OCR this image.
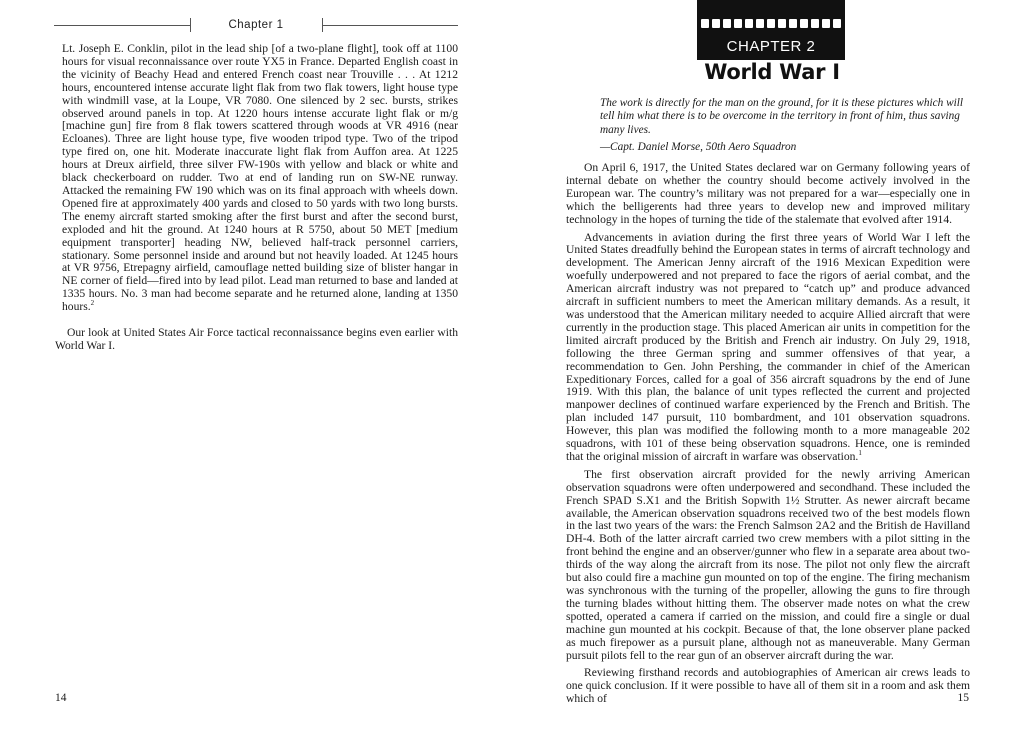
Chapter 1

Lt. Joseph E. Conklin, pilot in the lead ship [of a two-plane flight], took off at 1100 hours for visual reconnaissance over route YX5 in France. Departed English coast in the vicinity of Beachy Head and entered French coast near Trouville . . . At 1212 hours, encountered intense accurate light flak from two flak towers, light house type with windmill vase, at la Loupe, VR 7080. One silenced by 2 sec. bursts, strikes observed around panels in top. At 1220 hours intense accurate light flak or m/g [machine gun] fire from 8 flak towers scattered through woods at VR 4916 (near Ecloanes). Three are light house type, five wooden tripod type. Two of the tripod type fired on, one hit. Moderate inaccurate light flak from Auffon area. At 1225 hours at Dreux airfield, three silver FW-190s with yellow and black or white and black checkerboard on rudder. Two at end of landing run on SW-NE runway. Attacked the remaining FW 190 which was on its final approach with wheels down. Opened fire at approximately 400 yards and closed to 50 yards with two long bursts. The enemy aircraft started smoking after the first burst and after the second burst, exploded and hit the ground. At 1240 hours at R 5750, about 50 MET [medium equipment transporter] heading NW, believed half-track personnel carriers, stationary. Some personnel inside and around but not heavily loaded. At 1245 hours at VR 9756, Etrepagny airfield, camouflage netted building size of blister hangar in NE corner of field—fired into by lead pilot. Lead man returned to base and landed at 1335 hours. No. 3 man had become separate and he returned alone, landing at 1350 hours.$^2$

Our look at United States Air Force tactical reconnaissance begins even earlier with World War I.

14
CHAPTER 2
World War I

The work is directly for the man on the ground, for it is these pictures which will tell him what there is to be overcome in the territory in front of him, thus saving many lives.

—Capt. Daniel Morse, 50th Aero Squadron

On April 6, 1917, the United States declared war on Germany following years of internal debate on whether the country should become actively involved in the European war. The country’s military was not prepared for a war—especially one in which the belligerents had three years to develop new and improved military technology in the hopes of turning the tide of the stalemate that evolved after 1914.

Advancements in aviation during the first three years of World War I left the United States dreadfully behind the European states in terms of aircraft technology and development. The American Jenny aircraft of the 1916 Mexican Expedition were woefully underpowered and not prepared to face the rigors of aerial combat, and the American aircraft industry was not prepared to “catch up” and produce advanced aircraft in sufficient numbers to meet the American military demands. As a result, it was understood that the American military needed to acquire Allied aircraft that were currently in the production stage. This placed American air units in competition for the limited aircraft produced by the British and French air industry. On July 29, 1918, following the three German spring and summer offensives of that year, a recommendation to Gen. John Pershing, the commander in chief of the American Expeditionary Forces, called for a goal of 356 aircraft squadrons by the end of June 1919. With this plan, the balance of unit types reflected the current and projected manpower declines of continued warfare experienced by the French and British. The plan included 147 pursuit, 110 bombardment, and 101 observation squadrons. However, this plan was modified the following month to a more manageable 202 squadrons, with 101 of these being observation squadrons. Hence, one is reminded that the original mission of aircraft in warfare was observation.$^1$

The first observation aircraft provided for the newly arriving American observation squadrons were often underpowered and secondhand. These included the French SPAD S.X1 and the British Sopwith 1½ Strutter. As newer aircraft became available, the American observation squadrons received two of the best models flown in the last two years of the wars: the French Salmson 2A2 and the British de Havilland DH-4. Both of the latter aircraft carried two crew members with a pilot sitting in the front behind the engine and an observer/gunner who flew in a separate area about two-thirds of the way along the aircraft from its nose. The pilot not only flew the aircraft but also could fire a machine gun mounted on top of the engine. The firing mechanism was synchronous with the turning of the propeller, allowing the guns to fire through the turning blades without hitting them. The observer made notes on what the crew spotted, operated a camera if carried on the mission, and could fire a single or dual machine gun mounted at his cockpit. Because of that, the lone observer plane packed as much firepower as a pursuit plane, although not as maneuverable. Many German pursuit pilots fell to the rear gun of an observer aircraft during the war.

Reviewing firsthand records and autobiographies of American air crews leads to one quick conclusion. If it were possible to have all of them sit in a room and ask them which of	15
